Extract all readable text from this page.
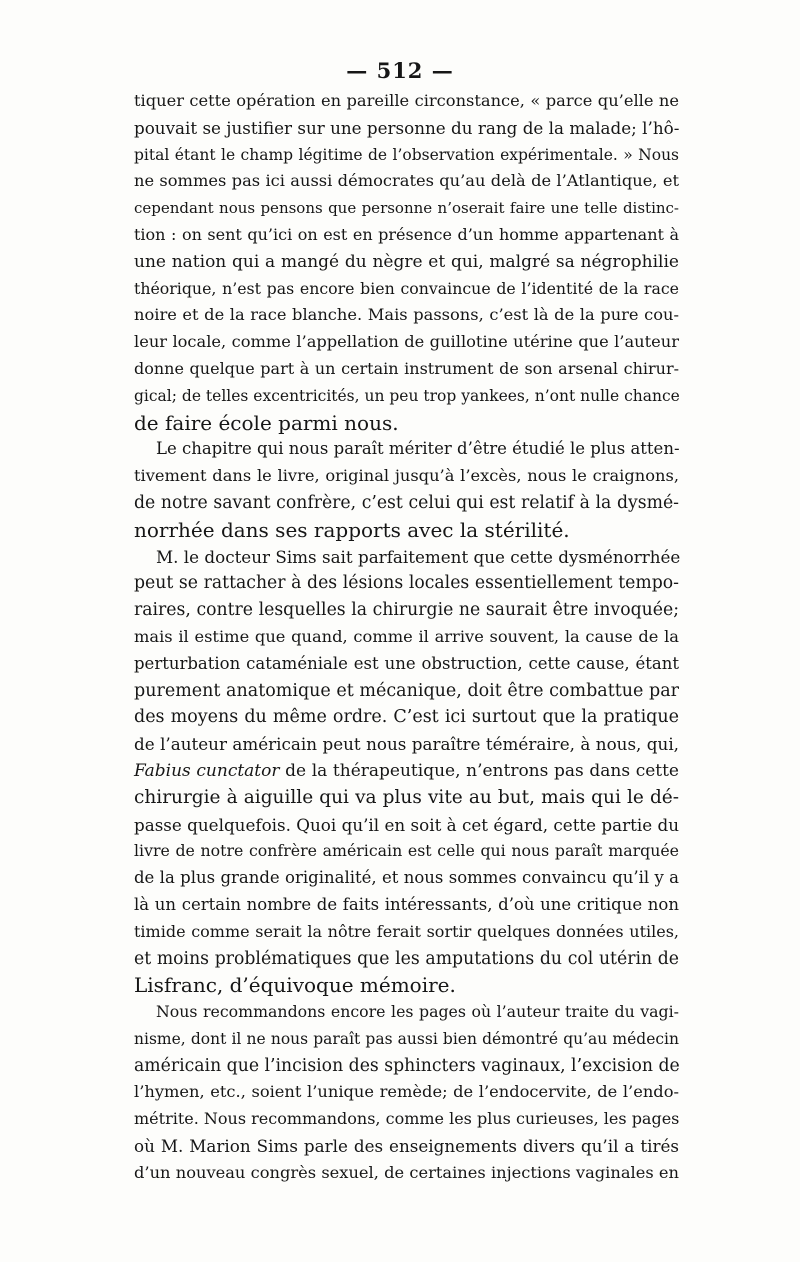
— 512 —
tiquer cette opération en pareille circonstance, « parce qu’elle ne
pouvait se justifier sur une personne du rang de la malade; l’hô-
pital étant le champ légitime de l’observation expérimentale. » Nous
ne sommes pas ici aussi démocrates qu’au delà de l’Atlantique, et
cependant nous pensons que personne n’oserait faire une telle distinc-
tion : on sent qu’ici on est en présence d’un homme appartenant à
une nation qui a mangé du nègre et qui, malgré sa négrophilie
théorique, n’est pas encore bien convaincue de l’identité de la race
noire et de la race blanche. Mais passons, c’est là de la pure cou-
leur locale, comme l’appellation de guillotine utérine que l’auteur
donne quelque part à un certain instrument de son arsenal chirur-
gical; de telles excentricités, un peu trop yankees, n’ont nulle chance
de faire école parmi nous.
Le chapitre qui nous paraît mériter d’être étudié le plus atten-
tivement dans le livre, original jusqu’à l’excès, nous le craignons,
de notre savant confrère, c’est celui qui est relatif à la dysmé-
norrhée dans ses rapports avec la stérilité.
M. le docteur Sims sait parfaitement que cette dysménorrhée
peut se rattacher à des lésions locales essentiellement tempo-
raires, contre lesquelles la chirurgie ne saurait être invoquée;
mais il estime que quand, comme il arrive souvent, la cause de la
perturbation cataméniale est une obstruction, cette cause, étant
purement anatomique et mécanique, doit être combattue par
des moyens du même ordre. C’est ici surtout que la pratique
de l’auteur américain peut nous paraître téméraire, à nous, qui,
Fabius cunctator de la thérapeutique, n’entrons pas dans cette
chirurgie à aiguille qui va plus vite au but, mais qui le dé-
passe quelquefois. Quoi qu’il en soit à cet égard, cette partie du
livre de notre confrère américain est celle qui nous paraît marquée
de la plus grande originalité, et nous sommes convaincu qu’il y a
là un certain nombre de faits intéressants, d’où une critique non
timide comme serait la nôtre ferait sortir quelques données utiles,
et moins problématiques que les amputations du col utérin de
Lisfranc, d’équivoque mémoire.
Nous recommandons encore les pages où l’auteur traite du vagi-
nisme, dont il ne nous paraît pas aussi bien démontré qu’au médecin
américain que l’incision des sphincters vaginaux, l’excision de
l’hymen, etc., soient l’unique remède; de l’endocervite, de l’endo-
métrite. Nous recommandons, comme les plus curieuses, les pages
où M. Marion Sims parle des enseignements divers qu’il a tirés
d’un nouveau congrès sexuel, de certaines injections vaginales en
